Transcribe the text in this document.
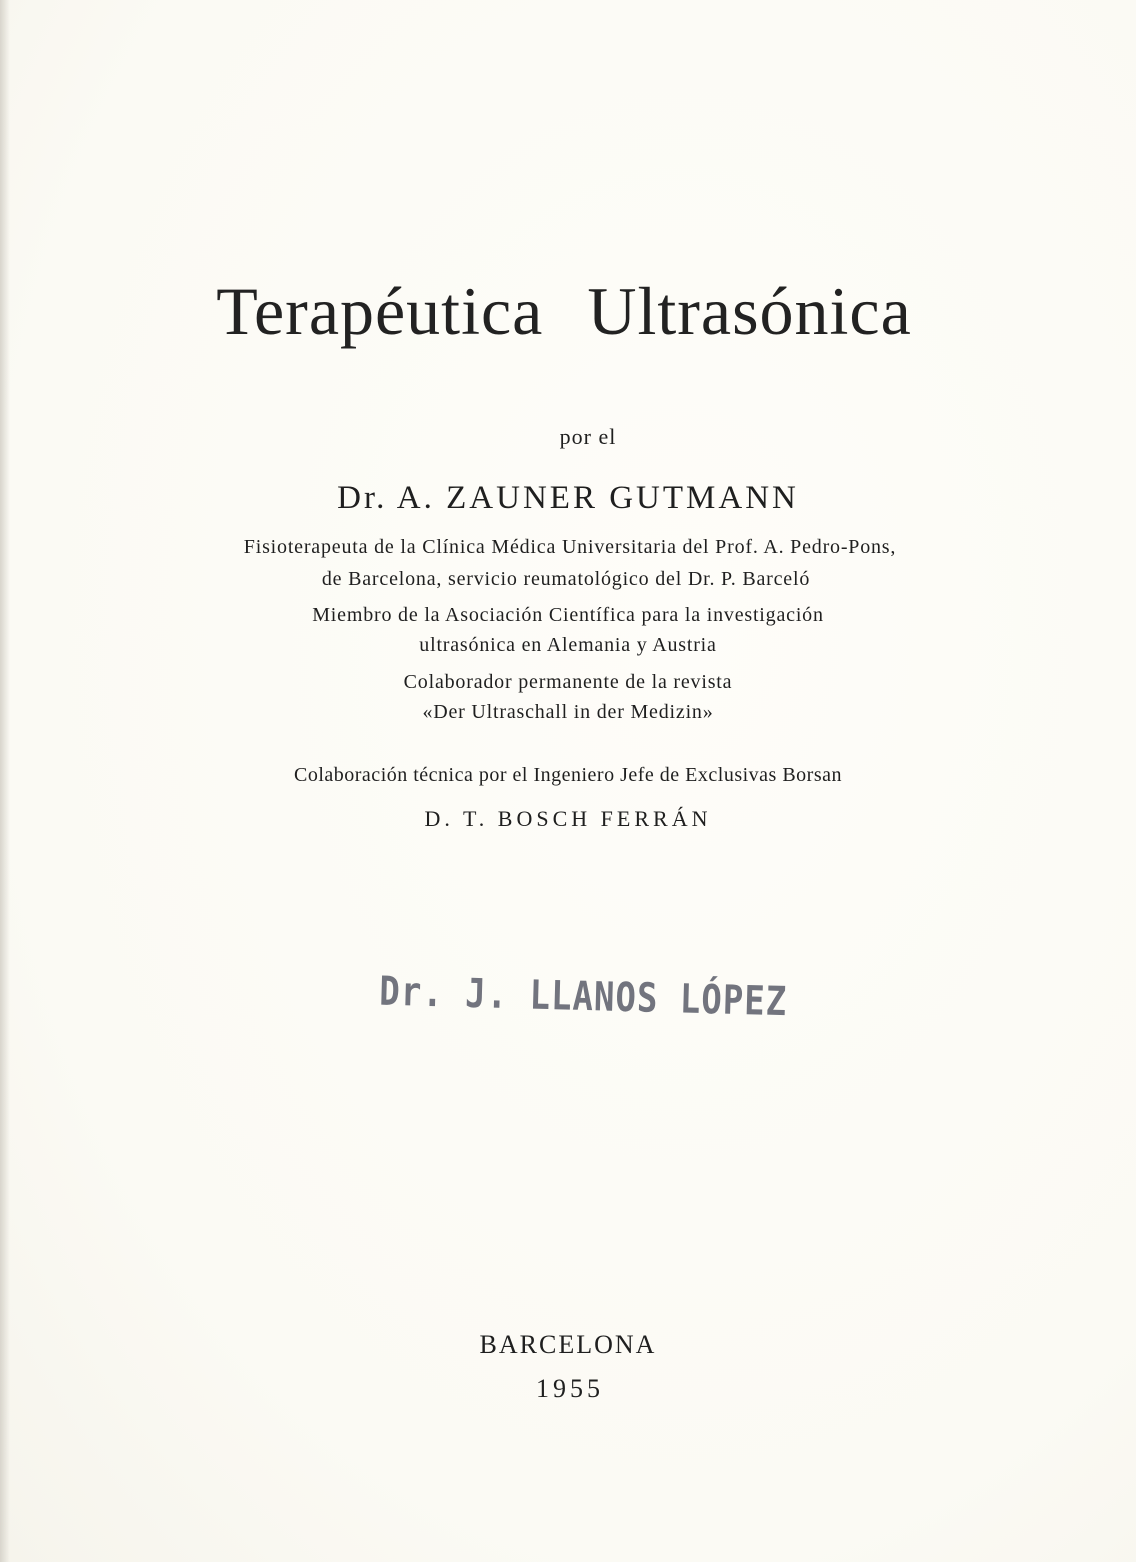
Terapéutica Ultrasónica
por el
Dr. A. ZAUNER GUTMANN
Fisioterapeuta de la Clínica Médica Universitaria del Prof. A. Pedro-Pons,
de Barcelona, servicio reumatológico del Dr. P. Barceló
Miembro de la Asociación Científica para la investigación
ultrasónica en Alemania y Austria
Colaborador permanente de la revista
«Der Ultraschall in der Medizin»
Colaboración técnica por el Ingeniero Jefe de Exclusivas Borsan
D. T. BOSCH FERRÁN
Dr. J. LLANOS LÓPEZ
BARCELONA
1955
